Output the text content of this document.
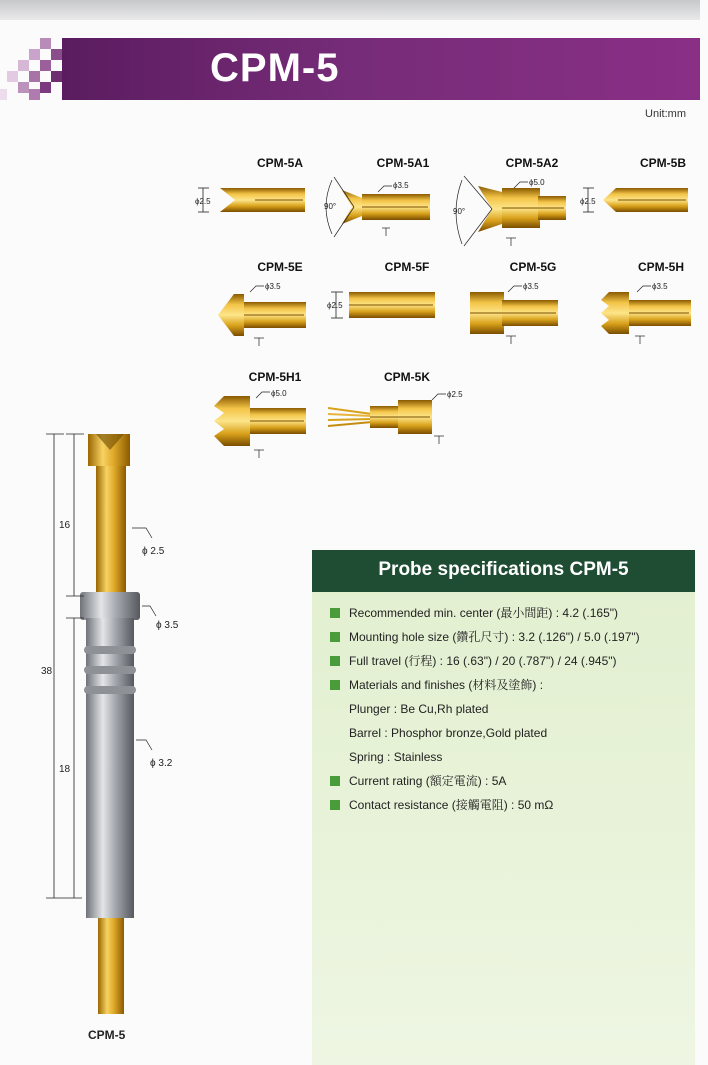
CPM-5
Unit:mm
CPM-5A
ϕ2.5
CPM-5A1
90°
ϕ3.5
CPM-5A2
90°
ϕ5.0
CPM-5B
ϕ2.5
CPM-5E
ϕ3.5
CPM-5F
ϕ2.5
CPM-5G
ϕ3.5
CPM-5H
ϕ3.5
CPM-5H1
ϕ5.0
CPM-5K
ϕ2.5
16
38
18
ϕ 2.5
ϕ 3.5
ϕ 3.2
CPM-5
Probe specifications CPM-5
Recommended min. center (最小間距) : 4.2 (.165")
Mounting hole size (鑽孔尺寸) : 3.2 (.126") / 5.0 (.197")
Full travel (行程) : 16 (.63") / 20 (.787") / 24 (.945")
Materials and finishes (材料及塗飾) :
Plunger : Be Cu,Rh plated
Barrel : Phosphor bronze,Gold plated
Spring : Stainless
Current rating (額定電流) : 5A
Contact resistance (接觸電阻) : 50 mΩ
